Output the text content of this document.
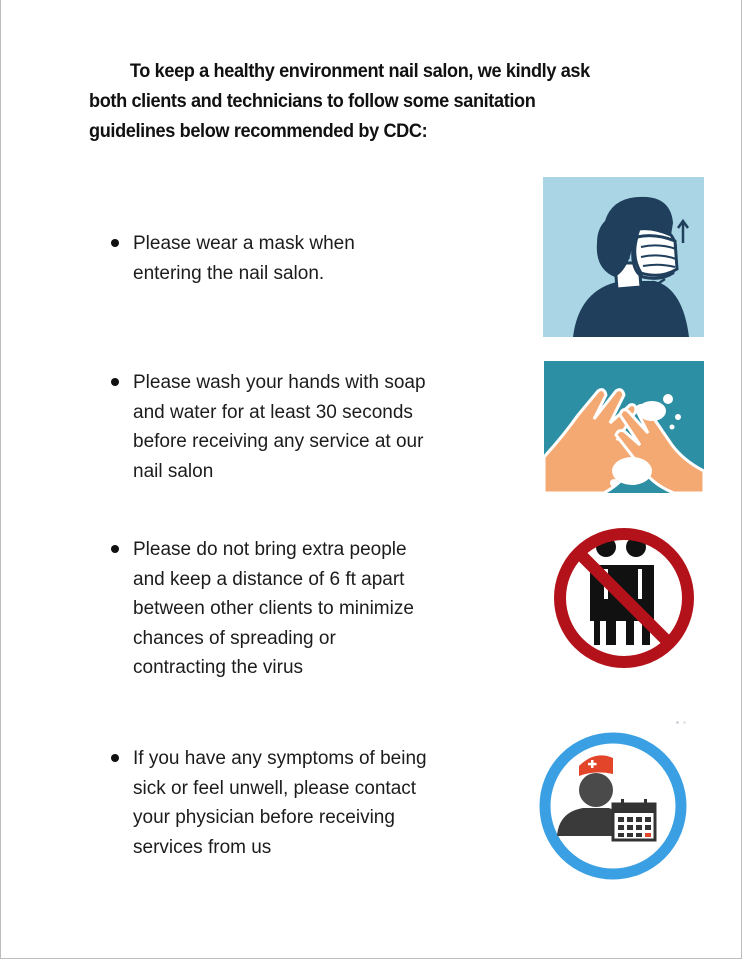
To keep a healthy environment nail salon, we kindly ask
both clients and technicians to follow some sanitation
guidelines below recommended by CDC:
Please wear a mask when
entering the nail salon.
Please wash your hands with soap
and water for at least 30 seconds
before receiving any service at our
nail salon
Please do not bring extra people
and keep a distance of 6 ft apart
between other clients to minimize
chances of spreading or
contracting the virus
If you have any symptoms of being
sick or feel unwell, please contact
your physician before receiving
services from us
